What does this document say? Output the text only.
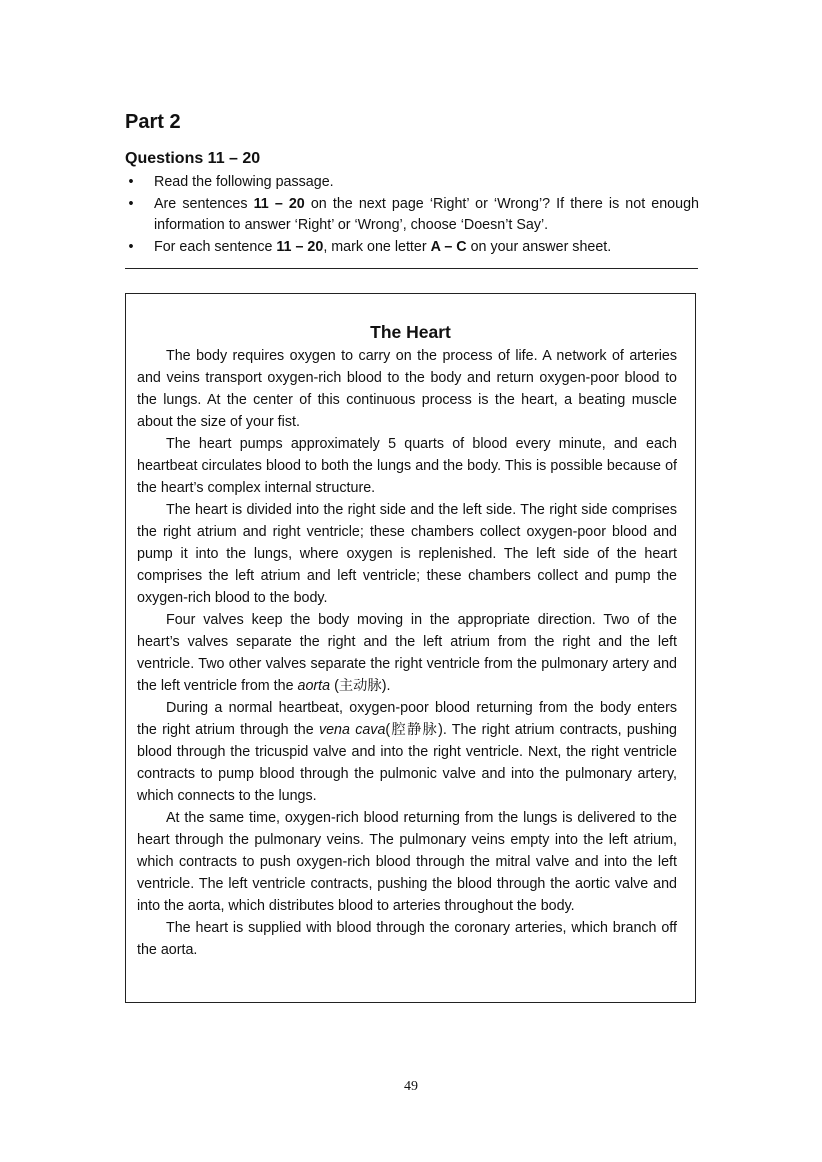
Part 2
Questions 11 – 20
• Read the following passage.
• Are sentences 11 – 20 on the next page ‘Right’ or ‘Wrong’? If there is not enough information to answer ‘Right’ or ‘Wrong’, choose ‘Doesn’t Say’.
• For each sentence 11 – 20, mark one letter A – C on your answer sheet.
The Heart

The body requires oxygen to carry on the process of life. A network of arteries and veins transport oxygen-rich blood to the body and return oxygen-poor blood to the lungs. At the center of this continuous process is the heart, a beating muscle about the size of your fist.

The heart pumps approximately 5 quarts of blood every minute, and each heartbeat circulates blood to both the lungs and the body. This is possible because of the heart’s complex internal structure.

The heart is divided into the right side and the left side. The right side comprises the right atrium and right ventricle; these chambers collect oxygen-poor blood and pump it into the lungs, where oxygen is replenished. The left side of the heart comprises the left atrium and left ventricle; these chambers collect and pump the oxygen-rich blood to the body.

Four valves keep the body moving in the appropriate direction. Two of the heart’s valves separate the right and the left atrium from the right and the left ventricle. Two other valves separate the right ventricle from the pulmonary artery and the left ventricle from the aorta (主动脉).

During a normal heartbeat, oxygen-poor blood returning from the body enters the right atrium through the vena cava(腔静脉). The right atrium contracts, pushing blood through the tricuspid valve and into the right ventricle. Next, the right ventricle contracts to pump blood through the pulmonic valve and into the pulmonary artery, which connects to the lungs.

At the same time, oxygen-rich blood returning from the lungs is delivered to the heart through the pulmonary veins. The pulmonary veins empty into the left atrium, which contracts to push oxygen-rich blood through the mitral valve and into the left ventricle. The left ventricle contracts, pushing the blood through the aortic valve and into the aorta, which distributes blood to arteries throughout the body.

The heart is supplied with blood through the coronary arteries, which branch off the aorta.

49
